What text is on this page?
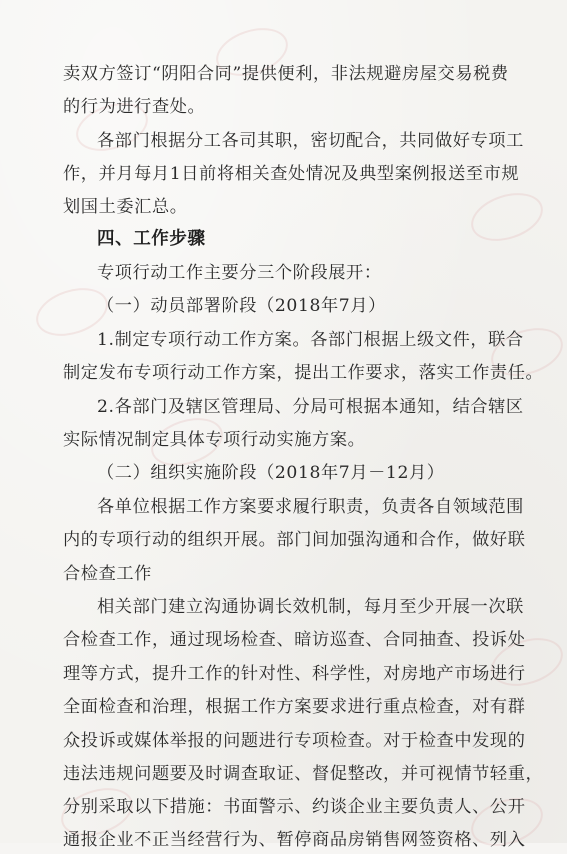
卖双方签订“阴阳合同”提供便利，非法规避房屋交易税费
的行为进行查处。
各部门根据分工各司其职，密切配合，共同做好专项工
作，并月每月1日前将相关查处情况及典型案例报送至市规
划国土委汇总。
四、工作步骤
专项行动工作主要分三个阶段展开：
（一）动员部署阶段（2018年7月）
1.制定专项行动工作方案。各部门根据上级文件，联合
制定发布专项行动工作方案，提出工作要求，落实工作责任。
2.各部门及辖区管理局、分局可根据本通知，结合辖区
实际情况制定具体专项行动实施方案。
（二）组织实施阶段（2018年7月－12月）
各单位根据工作方案要求履行职责，负责各自领域范围
内的专项行动的组织开展。部门间加强沟通和合作，做好联
合检查工作
相关部门建立沟通协调长效机制，每月至少开展一次联
合检查工作，通过现场检查、暗访巡查、合同抽查、投诉处
理等方式，提升工作的针对性、科学性，对房地产市场进行
全面检查和治理，根据工作方案要求进行重点检查，对有群
众投诉或媒体举报的问题进行专项检查。对于检查中发现的
违法违规问题要及时调查取证、督促整改，并可视情节轻重，
分别采取以下措施：书面警示、约谈企业主要负责人、公开
通报企业不正当经营行为、暂停商品房销售网签资格、列入
